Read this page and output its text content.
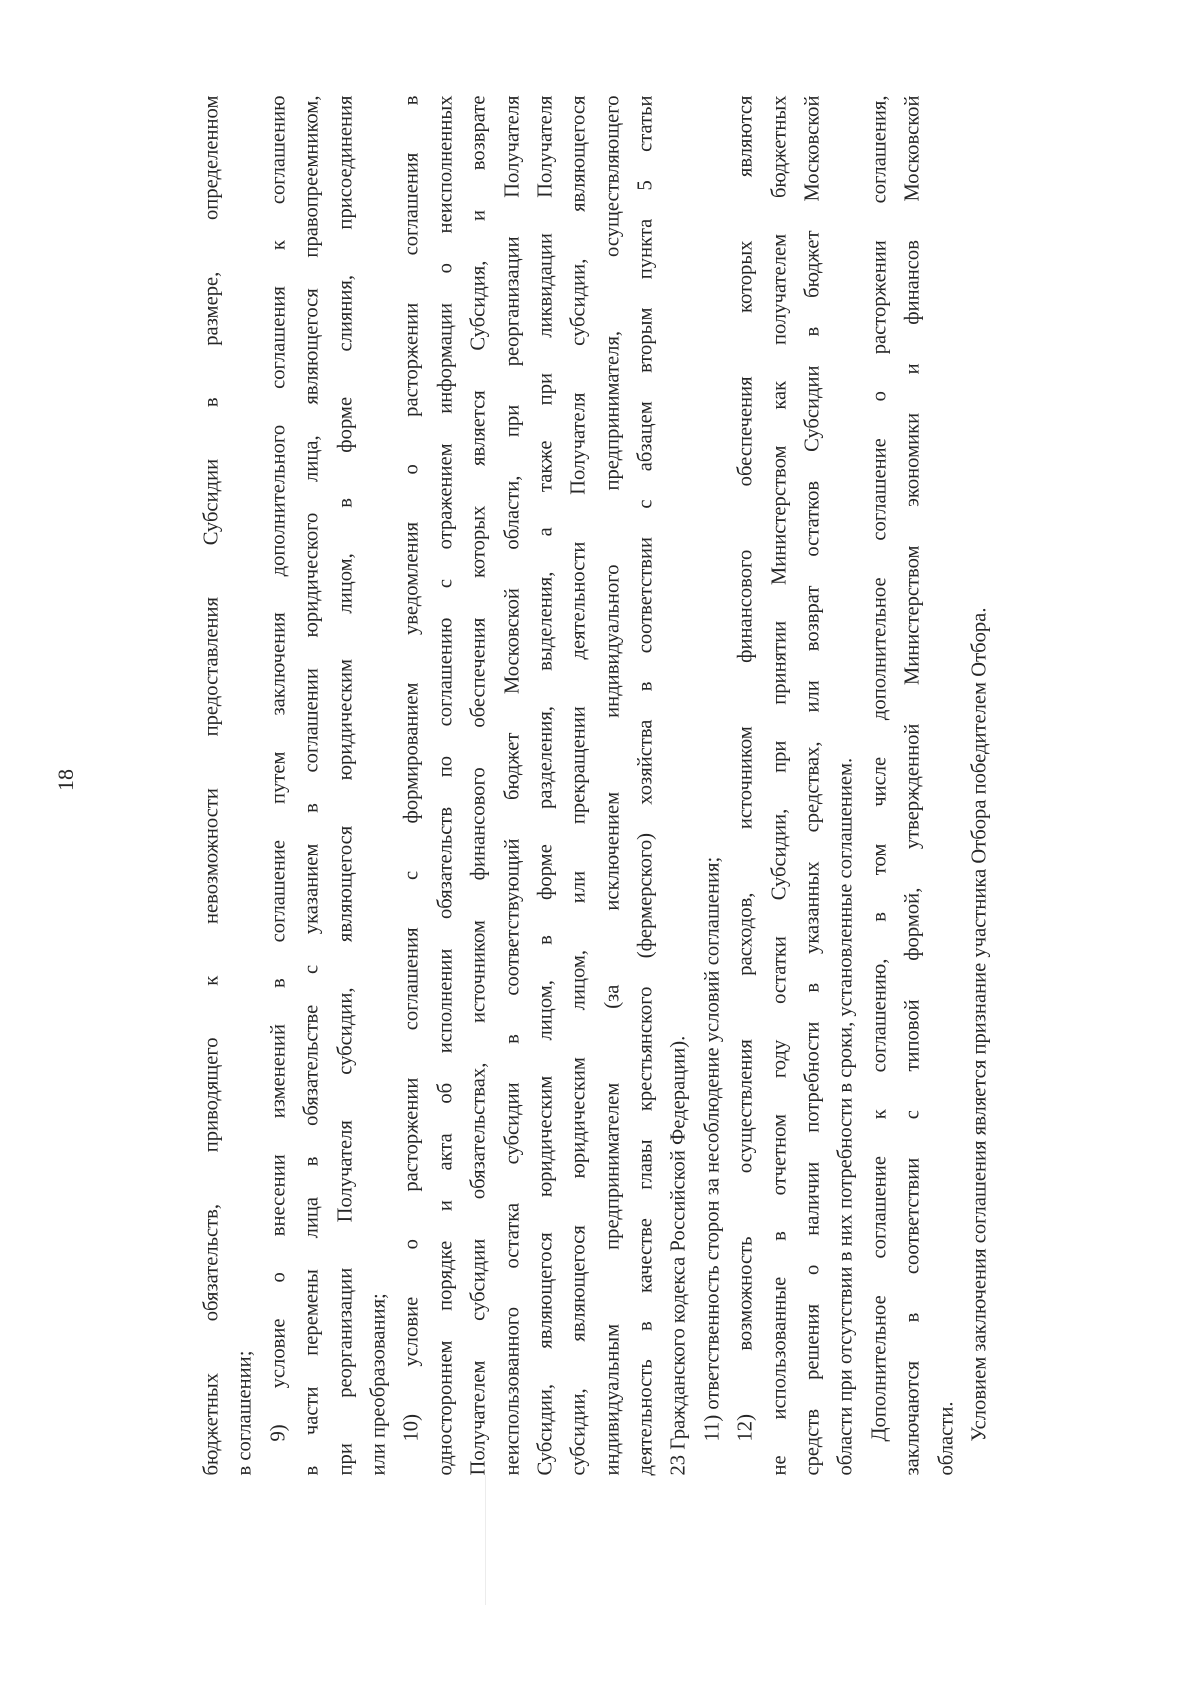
18	бюджетных обязательств, приводящего к невозможности предоставления Субсидии в размере, определенном в соглашении; 9) условие о внесении изменений в соглашение путем заключения дополнительного соглашения к соглашению в части перемены лица в обязательстве с указанием в соглашении юридического лица, являющегося правопреемником, при реорганизации Получателя субсидии, являющегося юридическим лицом, в форме слияния, присоединения или преобразования; 10) условие о расторжении соглашения с формированием уведомления о расторжении соглашения в одностороннем порядке и акта об исполнении обязательств по соглашению с отражением информации о неисполненных Получателем субсидии обязательствах, источником финансового обеспечения которых является Субсидия, и возврате неиспользованного остатка субсидии в соответствующий бюджет Московской области, при реорганизации Получателя Субсидии, являющегося юридическим лицом, в форме разделения, выделения, а также при ликвидации Получателя субсидии, являющегося юридическим лицом, или прекращении деятельности Получателя субсидии, являющегося индивидуальным предпринимателем (за исключением индивидуального предпринимателя, осуществляющего деятельность в качестве главы крестьянского (фермерского) хозяйства в соответствии с абзацем вторым пункта 5 статьи 23 Гражданского кодекса Российской Федерации). 11) ответственность сторон за несоблюдение условий соглашения; 12) возможность осуществления расходов, источником финансового обеспечения которых являются не использованные в отчетном году остатки Субсидии, при принятии Министерством как получателем бюджетных средств решения о наличии потребности в указанных средствах, или возврат остатков Субсидии в бюджет Московской области при отсутствии в них потребности в сроки, установленные соглашением. Дополнительное соглашение к соглашению, в том числе дополнительное соглашение о расторжении соглашения, заключаются в соответствии с типовой формой, утвержденной Министерством экономики и финансов Московской области. Условием заключения соглашения является признание участника Отбора победителем Отбора.
